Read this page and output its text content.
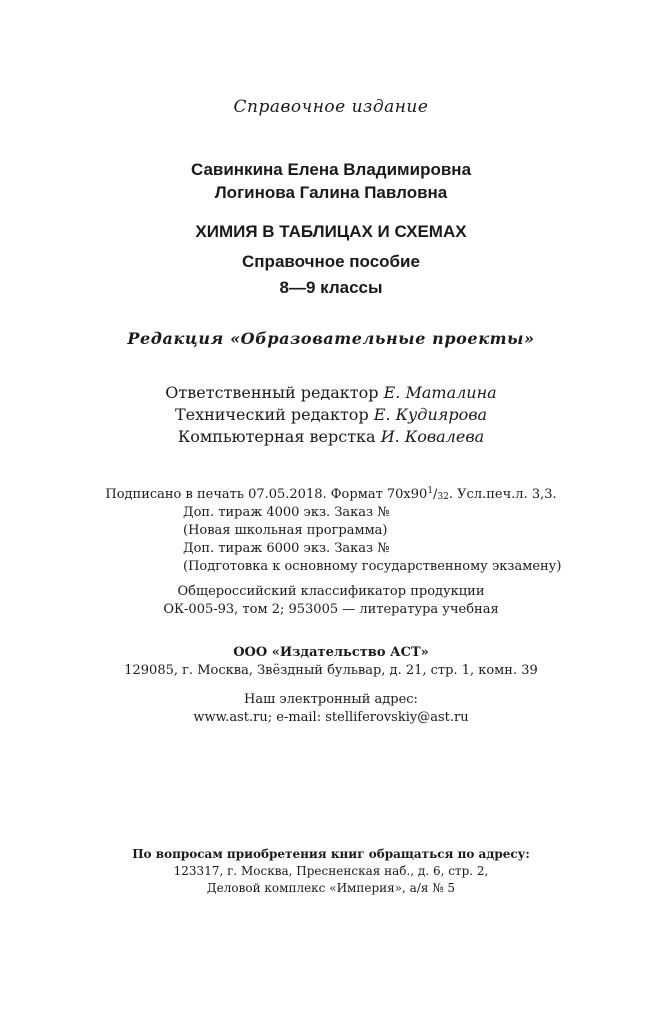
Справочное издание
Савинкина Елена Владимировна
Логинова Галина Павловна
ХИМИЯ В ТАБЛИЦАХ И СХЕМАХ
Справочное пособие
8—9 классы
Редакция «Образовательные проекты»
Ответственный редактор Е. Маталина
Технический редактор Е. Кудиярова
Компьютерная верстка И. Ковалева
Подписано в печать 07.05.2018. Формат $70х90^1/_{32}$. Усл.печ.л. 3,3.
Доп. тираж 4000 экз. Заказ №
(Новая школьная программа)
Доп. тираж 6000 экз. Заказ №
(Подготовка к основному государственному экзамену)
Общероссийский классификатор продукции
ОК-005-93, том 2; 953005 — литература учебная
ООО «Издательство АСТ»
129085, г. Москва, Звёздный бульвар, д. 21, стр. 1, комн. 39
Наш электронный адрес:
www.ast.ru; e-mail: stelliferovskiy@ast.ru
По вопросам приобретения книг обращаться по адресу:
123317, г. Москва, Пресненская наб., д. 6, стр. 2,
Деловой комплекс «Империя», а/я № 5
